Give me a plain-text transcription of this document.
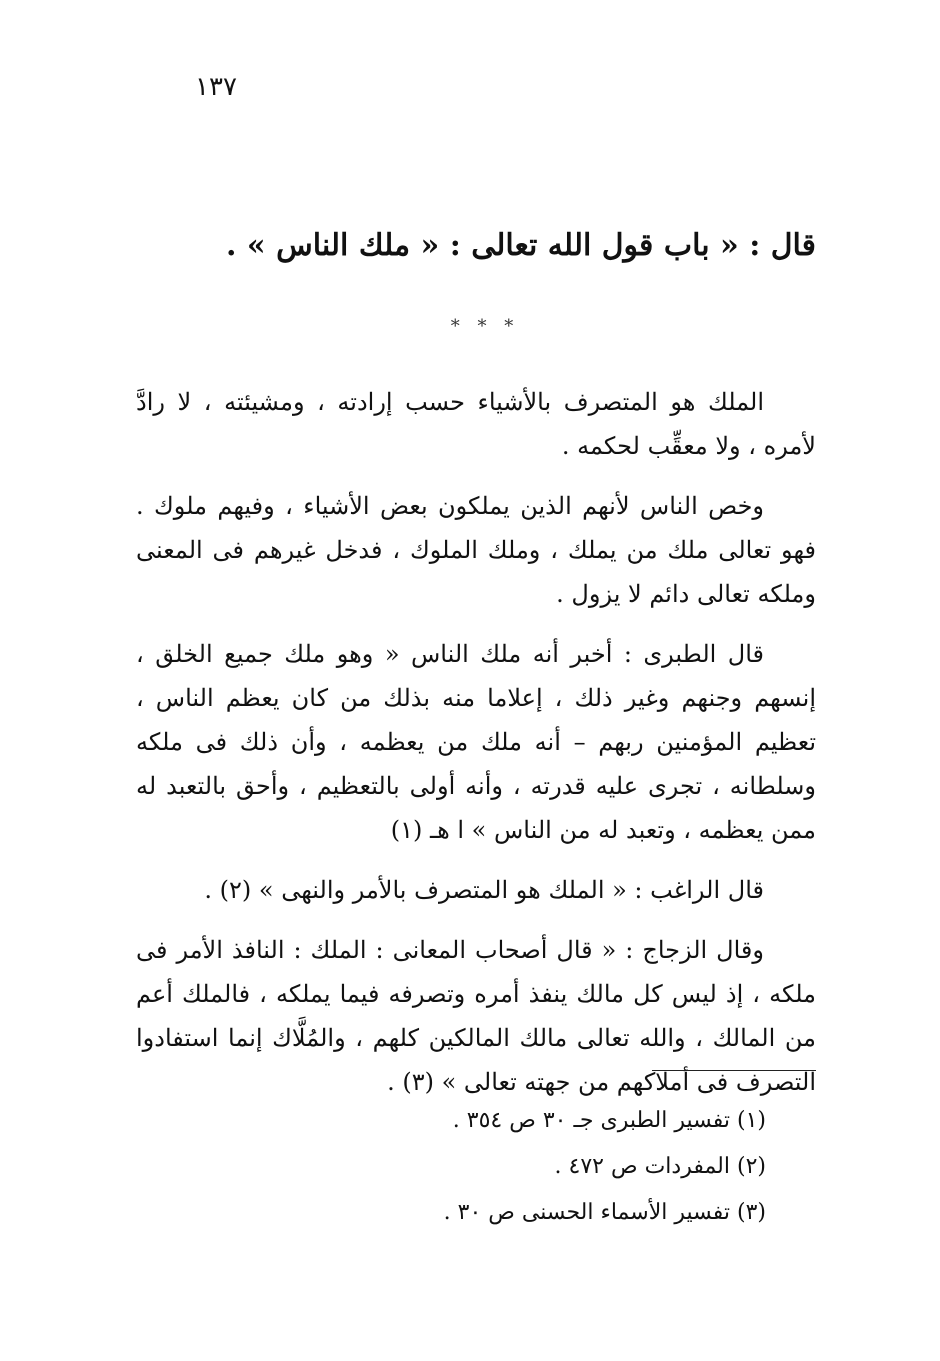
١٣٧
قال : « باب قول الله تعالى : « ملك الناس » .
* * *

الملك هو المتصرف بالأشياء حسب إرادته ، ومشيئته ، لا رادَّ لأمره ، ولا معقِّب لحكمه .

وخص الناس لأنهم الذين يملكون بعض الأشياء ، وفيهم ملوك . فهو تعالى ملك من يملك ، وملك الملوك ، فدخل غيرهم فى المعنى وملكه تعالى دائم لا يزول .

قال الطبرى : أخبر أنه ملك الناس « وهو ملك جميع الخلق ، إنسهم وجنهم وغير ذلك ، إعلاما منه بذلك من كان يعظم الناس ، تعظيم المؤمنين ربهم – أنه ملك من يعظمه ، وأن ذلك فى ملكه وسلطانه ، تجرى عليه قدرته ، وأنه أولى بالتعظيم ، وأحق بالتعبد له ممن يعظمه ، وتعبد له من الناس » ا هـ (١)

قال الراغب : « الملك هو المتصرف بالأمر والنهى » (٢) .

وقال الزجاج : « قال أصحاب المعانى : الملك : النافذ الأمر فى ملكه ، إذ ليس كل مالك ينفذ أمره وتصرفه فيما يملكه ، فالملك أعم من المالك ، والله تعالى مالك المالكين كلهم ، والمُلَّاك إنما استفادوا التصرف فى أملاكهم من جهته تعالى » (٣) .

(١) تفسير الطبرى جـ ٣٠ ص ٣٥٤ .

(٢) المفردات ص ٤٧٢ .

(٣) تفسير الأسماء الحسنى ص ٣٠ .
